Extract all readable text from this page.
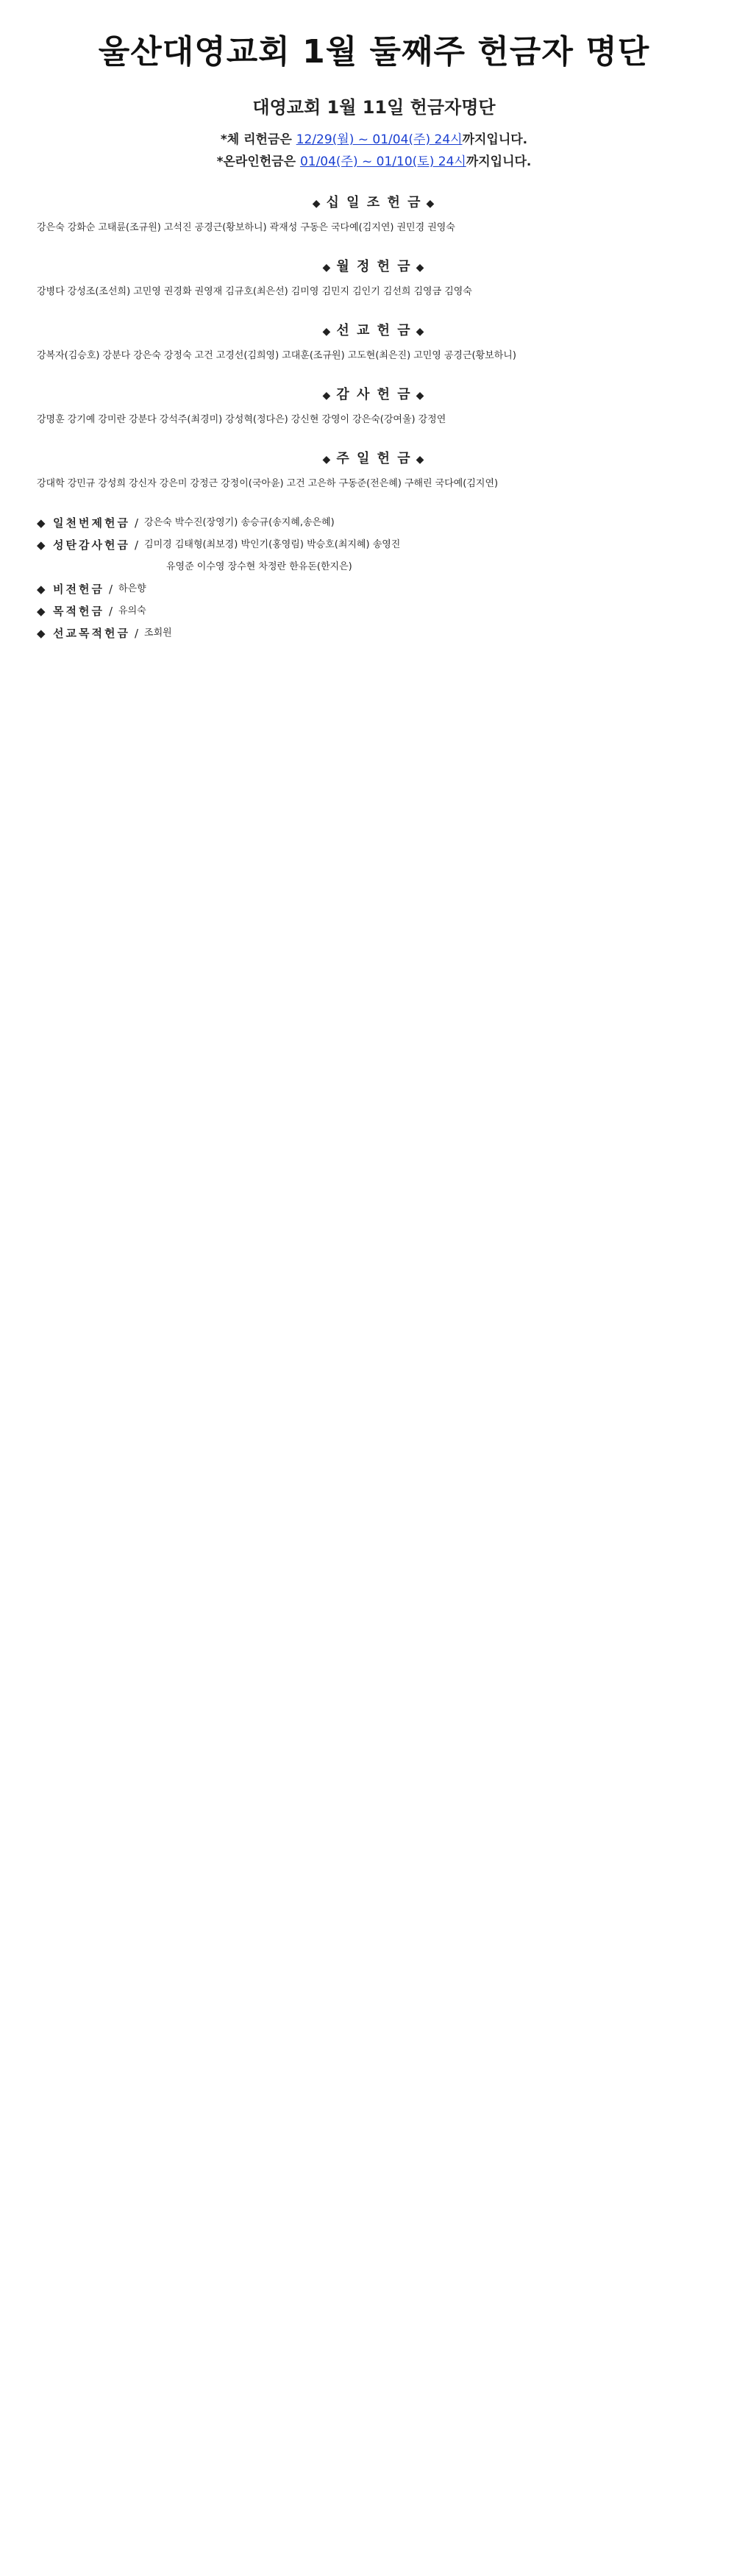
울산대영교회 1월 둘째주 헌금자 명단
대영교회 1월 11일 헌금자명단
*체 리헌금은 12/29(월) ~ 01/04(주) 24시까지입니다.
*온라인헌금은 01/04(주) ~ 01/10(토) 24시까지입니다.
◆ 십 일 조 헌 금 ◆
강은숙 강화순 고태륜(조규원) 고석진 공경근(황보하니) 곽재성 구동은 국다예(김지연) 권민경 권영숙
◆ 월 정 헌 금 ◆
강병다 강성조(조선희) 고민영 권경화 권영재 김규호(최은선) 김미영 김민지 김인기 김선희 김영금 김영숙
◆ 선 교 헌 금 ◆
강복자(김승호) 강분다 강은숙 강정숙 고건 고경선(김희영) 고대훈(조규원) 고도현(최은진) 고민영 공경근(황보하니)
◆ 감 사 헌 금 ◆
강명훈 강기예 강미란 강분다 강석주(최경미) 강성혁(정다은) 강신현 강영이 강은숙(강여울) 강정연
◆ 주 일 헌 금 ◆
강대학 강민규 강성희 강신자 강은미 강정근 강정이(국아윤) 고건 고은하 구동준(전은혜) 구해린 국다예(김지연)
◆ 일천번제헌금 / 강은숙 박수진(장영기) 송승규(송지혜,송은혜)
◆ 성탄감사헌금 / 김미경 김태형(최보경) 박인기(홍영림) 박승호(최지혜) 송영진
유영준 이수영 장수현 차정란 한유돈(한지은)
◆ 비전헌금 / 하은향
◆ 목적헌금 / 유의숙
◆ 선교목적헌금 / 조회원
